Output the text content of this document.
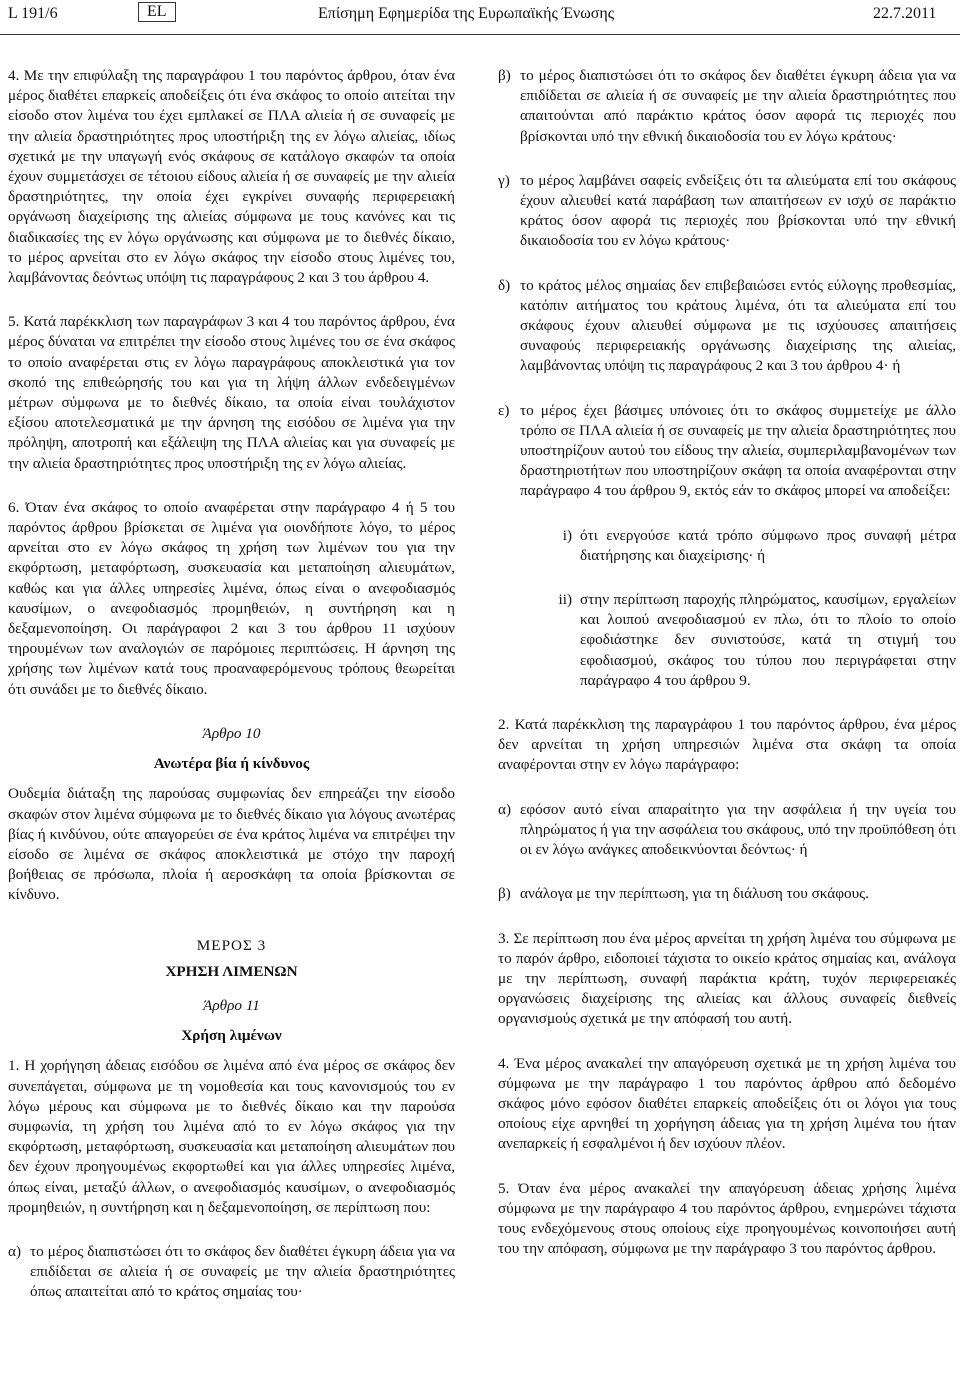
L 191/6	EL	Επίσημη Εφημερίδα της Ευρωπαϊκής Ένωσης	22.7.2011

4. Με την επιφύλαξη της παραγράφου 1 του παρόντος άρθρου, όταν ένα μέρος διαθέτει επαρκείς αποδείξεις ότι ένα σκάφος το οποίο αιτείται την είσοδο στον λιμένα του έχει εμπλακεί σε ΠΛΑ αλιεία ή σε συναφείς με την αλιεία δραστηριότητες προς υποστήριξη της εν λόγω αλιείας, ιδίως σχετικά με την υπαγωγή ενός σκάφους σε κατάλογο σκαφών τα οποία έχουν συμμετάσχει σε τέτοιου είδους αλιεία ή σε συναφείς με την αλιεία δραστηριότητες, την οποία έχει εγκρίνει συναφής περιφερειακή οργάνωση διαχείρισης της αλιείας σύμφωνα με τους κανόνες και τις διαδικασίες της εν λόγω οργάνωσης και σύμφωνα με το διεθνές δίκαιο, το μέρος αρνείται στο εν λόγω σκάφος την είσοδο στους λιμένες του, λαμβάνοντας δεόντως υπόψη τις παραγράφους 2 και 3 του άρθρου 4.

5. Κατά παρέκκλιση των παραγράφων 3 και 4 του παρόντος άρθρου, ένα μέρος δύναται να επιτρέπει την είσοδο στους λιμένες του σε ένα σκάφος το οποίο αναφέρεται στις εν λόγω παραγράφους αποκλειστικά για τον σκοπό της επιθεώρησής του και για τη λήψη άλλων ενδεδειγμένων μέτρων σύμφωνα με το διεθνές δίκαιο, τα οποία είναι τουλάχιστον εξίσου αποτελεσματικά με την άρνηση της εισόδου σε λιμένα για την πρόληψη, αποτροπή και εξάλειψη της ΠΛΑ αλιείας και για συναφείς με την αλιεία δραστηριότητες προς υποστήριξη της εν λόγω αλιείας.

6. Όταν ένα σκάφος το οποίο αναφέρεται στην παράγραφο 4 ή 5 του παρόντος άρθρου βρίσκεται σε λιμένα για οιονδήποτε λόγο, το μέρος αρνείται στο εν λόγω σκάφος τη χρήση των λιμένων του για την εκφόρτωση, μεταφόρτωση, συσκευασία και μεταποίηση αλιευμάτων, καθώς και για άλλες υπηρεσίες λιμένα, όπως είναι ο ανεφοδιασμός καυσίμων, ο ανεφοδιασμός προμηθειών, η συντήρηση και η δεξαμενοποίηση. Οι παράγραφοι 2 και 3 του άρθρου 11 ισχύουν τηρουμένων των αναλογιών σε παρόμοιες περιπτώσεις. Η άρνηση της χρήσης των λιμένων κατά τους προαναφερόμενους τρόπους θεωρείται ότι συνάδει με το διεθνές δίκαιο.

Άρθρο 10
Ανωτέρα βία ή κίνδυνος

Ουδεμία διάταξη της παρούσας συμφωνίας δεν επηρεάζει την είσοδο σκαφών στον λιμένα σύμφωνα με το διεθνές δίκαιο για λόγους ανωτέρας βίας ή κινδύνου, ούτε απαγορεύει σε ένα κράτος λιμένα να επιτρέψει την είσοδο σε λιμένα σε σκάφος αποκλειστικά με στόχο την παροχή βοήθειας σε πρόσωπα, πλοία ή αεροσκάφη τα οποία βρίσκονται σε κίνδυνο.

ΜΕΡΟΣ 3
ΧΡΗΣΗ ΛΙΜΕΝΩΝ
Άρθρο 11
Χρήση λιμένων

1. Η χορήγηση άδειας εισόδου σε λιμένα από ένα μέρος σε σκάφος δεν συνεπάγεται, σύμφωνα με τη νομοθεσία και τους κανονισμούς του εν λόγω μέρους και σύμφωνα με το διεθνές δίκαιο και την παρούσα συμφωνία, τη χρήση του λιμένα από το εν λόγω σκάφος για την εκφόρτωση, μεταφόρτωση, συσκευασία και μεταποίηση αλιευμάτων που δεν έχουν προηγουμένως εκφορτωθεί και για άλλες υπηρεσίες λιμένα, όπως είναι, μεταξύ άλλων, ο ανεφοδιασμός καυσίμων, ο ανεφοδιασμός προμηθειών, η συντήρηση και η δεξαμενοποίηση, σε περίπτωση που:

α) το μέρος διαπιστώσει ότι το σκάφος δεν διαθέτει έγκυρη άδεια για να επιδίδεται σε αλιεία ή σε συναφείς με την αλιεία δραστηριότητες όπως απαιτείται από το κράτος σημαίας του·
β) το μέρος διαπιστώσει ότι το σκάφος δεν διαθέτει έγκυρη άδεια για να επιδίδεται σε αλιεία ή σε συναφείς με την αλιεία δραστηριότητες που απαιτούνται από παράκτιο κράτος όσον αφορά τις περιοχές που βρίσκονται υπό την εθνική δικαιοδοσία του εν λόγω κράτους·
γ) το μέρος λαμβάνει σαφείς ενδείξεις ότι τα αλιεύματα επί του σκάφους έχουν αλιευθεί κατά παράβαση των απαιτήσεων εν ισχύ σε παράκτιο κράτος όσον αφορά τις περιοχές που βρίσκονται υπό την εθνική δικαιοδοσία του εν λόγω κράτους·
δ) το κράτος μέλος σημαίας δεν επιβεβαιώσει εντός εύλογης προθεσμίας, κατόπιν αιτήματος του κράτους λιμένα, ότι τα αλιεύματα επί του σκάφους έχουν αλιευθεί σύμφωνα με τις ισχύουσες απαιτήσεις συναφούς περιφερειακής οργάνωσης διαχείρισης της αλιείας, λαμβάνοντας υπόψη τις παραγράφους 2 και 3 του άρθρου 4· ή
ε) το μέρος έχει βάσιμες υπόνοιες ότι το σκάφος συμμετείχε με άλλο τρόπο σε ΠΛΑ αλιεία ή σε συναφείς με την αλιεία δραστηριότητες που υποστηρίζουν αυτού του είδους την αλιεία, συμπεριλαμβανομένων των δραστηριοτήτων που υποστηρίζουν σκάφη τα οποία αναφέρονται στην παράγραφο 4 του άρθρου 9, εκτός εάν το σκάφος μπορεί να αποδείξει:
i) ότι ενεργούσε κατά τρόπο σύμφωνο προς συναφή μέτρα διατήρησης και διαχείρισης· ή
ii) στην περίπτωση παροχής πληρώματος, καυσίμων, εργαλείων και λοιπού ανεφοδιασμού εν πλω, ότι το πλοίο το οποίο εφοδιάστηκε δεν συνιστούσε, κατά τη στιγμή του εφοδιασμού, σκάφος του τύπου που περιγράφεται στην παράγραφο 4 του άρθρου 9.

2. Κατά παρέκκλιση της παραγράφου 1 του παρόντος άρθρου, ένα μέρος δεν αρνείται τη χρήση υπηρεσιών λιμένα στα σκάφη τα οποία αναφέρονται στην εν λόγω παράγραφο:

α) εφόσον αυτό είναι απαραίτητο για την ασφάλεια ή την υγεία του πληρώματος ή για την ασφάλεια του σκάφους, υπό την προϋπόθεση ότι οι εν λόγω ανάγκες αποδεικνύονται δεόντως· ή
β) ανάλογα με την περίπτωση, για τη διάλυση του σκάφους.

3. Σε περίπτωση που ένα μέρος αρνείται τη χρήση λιμένα του σύμφωνα με το παρόν άρθρο, ειδοποιεί τάχιστα το οικείο κράτος σημαίας και, ανάλογα με την περίπτωση, συναφή παράκτια κράτη, τυχόν περιφερειακές οργανώσεις διαχείρισης της αλιείας και άλλους συναφείς διεθνείς οργανισμούς σχετικά με την απόφασή του αυτή.

4. Ένα μέρος ανακαλεί την απαγόρευση σχετικά με τη χρήση λιμένα του σύμφωνα με την παράγραφο 1 του παρόντος άρθρου από δεδομένο σκάφος μόνο εφόσον διαθέτει επαρκείς αποδείξεις ότι οι λόγοι για τους οποίους είχε αρνηθεί τη χορήγηση άδειας για τη χρήση λιμένα του ήταν ανεπαρκείς ή εσφαλμένοι ή δεν ισχύουν πλέον.

5. Όταν ένα μέρος ανακαλεί την απαγόρευση άδειας χρήσης λιμένα σύμφωνα με την παράγραφο 4 του παρόντος άρθρου, ενημερώνει τάχιστα τους ενδεχόμενους στους οποίους είχε προηγουμένως κοινοποιήσει αυτή του την απόφαση, σύμφωνα με την παράγραφο 3 του παρόντος άρθρου.
